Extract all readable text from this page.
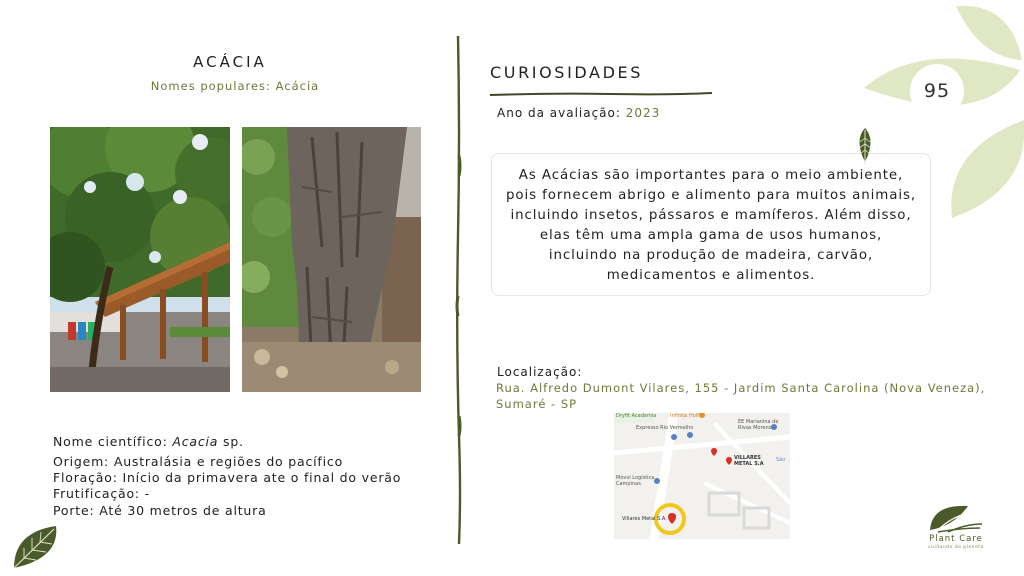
ACÁCIA
Nomes populares: Acácia
Nome científico: Acacia sp.
Origem: Australásia e regiões do pacífico
Floração: Início da primavera ate o final do verão
Frutificação: -
Porte: Até 30 metros de altura
CURIOSIDADES
Ano da avaliação: 2023
As Acácias são importantes para o meio ambiente, pois fornecem abrigo e alimento para muitos animais, incluindo insetos, pássaros e mamíferos. Além disso, elas têm uma ampla gama de usos humanos, incluindo na produção de madeira, carvão, medicamentos e alimentos.
Localização:
Rua. Alfredo Dumont Vilares, 155 - Jardim Santa Carolina (Nova Veneza),
Sumaré - SP
Dryfit Academia	Infinita Holf
Expresso Rio Vermelho
EE Marianina de Rivas Moreno
VILLARES METAL S.A
Movvi Logística Campinas
Villares Metal S.A.
São
95
Plant Care
cuidando do planeta
